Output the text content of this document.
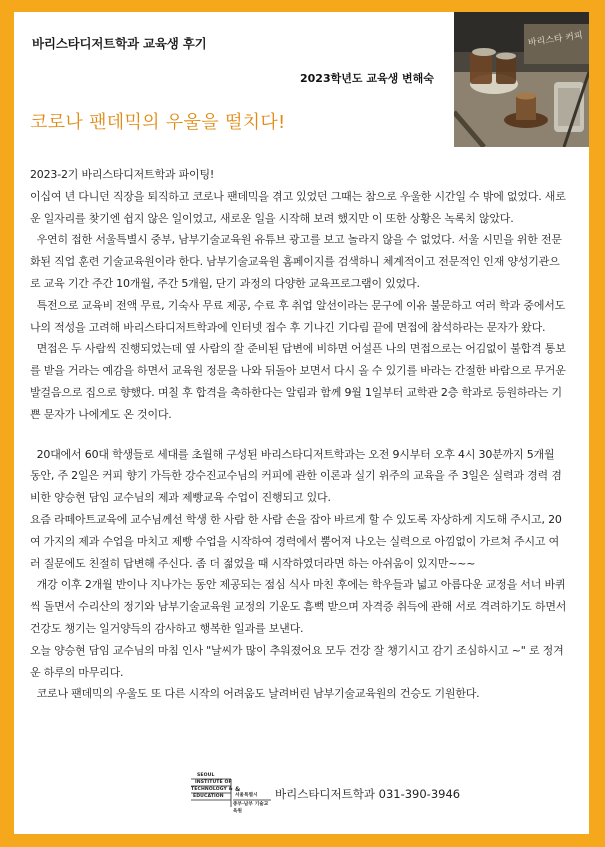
바리스타디저트학과 교육생 후기
2023학년도 교육생 변해숙
바리스타 커피
코로나 팬데믹의 우울을 떨치다!

2023-2기 바리스타디저트학과 파이팅!

이십여 년 다니던 직장을 퇴직하고 코로나 팬데믹을 겪고 있었던 그때는 참으로 우울한 시간일 수 밖에 없었다. 새로운 일자리를 찾기엔 쉽지 않은 일이었고, 새로운 일을 시작해 보려 했지만 이 또한 상황은 녹록치 않았다.

우연히 접한 서울특별시 중부, 남부기술교육원 유튜브 광고를 보고 놀라지 않을 수 없었다. 서울 시민을 위한 전문화된 직업 훈련 기술교육원이라 한다. 남부기술교육원 홈페이지를 검색하니 체계적이고 전문적인 인재 양성기관으로 교육 기간 주간 10개월, 주간 5개월, 단기 과정의 다양한 교육프로그램이 있었다.

특전으로 교육비 전액 무료, 기숙사 무료 제공, 수료 후 취업 알선이라는 문구에 이유 불문하고 여러 학과 중에서도 나의 적성을 고려해 바리스타디저트학과에 인터넷 접수 후 기나긴 기다림 끝에 면접에 참석하라는 문자가 왔다.

면접은 두 사람씩 진행되었는데 옆 사람의 잘 준비된 답변에 비하면 어설픈 나의 면접으로는 어김없이 불합격 통보를 받을 거라는 예감을 하면서 교육원 정문을 나와 뒤돌아 보면서 다시 올 수 있기를 바라는 간절한 바람으로 무거운 발걸음으로 집으로 향했다. 며칠 후 합격을 축하한다는 알림과 함께 9월 1일부터 교학관 2층 학과로 등원하라는 기쁜 문자가 나에게도 온 것이다.

20대에서 60대 학생들로 세대를 초월해 구성된 바리스타디저트학과는 오전 9시부터 오후 4시 30분까지 5개월 동안, 주 2일은 커피 향기 가득한 강수진교수님의 커피에 관한 이론과 실기 위주의 교육을 주 3일은 실력과 경력 겸비한 양승현 담임 교수님의 제과 제빵교육 수업이 진행되고 있다.

요즘 라떼아트교육에 교수님께선 학생 한 사람 한 사람 손을 잡아 바르게 할 수 있도록 자상하게 지도해 주시고, 20여 가지의 제과 수업을 마치고 제빵 수업을 시작하여 경력에서 뿜어져 나오는 실력으로 아낌없이 가르쳐 주시고 여러 질문에도 친절히 답변해 주신다. 좀 더 젊었을 때 시작하였더라면 하는 아쉬움이 있지만~~~

개강 이후 2개월 반이나 지나가는 동안 제공되는 점심 식사 마친 후에는 학우들과 넓고 아름다운 교정을 서너 바퀴씩 돌면서 수리산의 정기와 남부기술교육원 교정의 기운도 흠뻑 받으며 자격증 취득에 관해 서로 격려하기도 하면서 건강도 챙기는 일거양득의 감사하고 행복한 일과를 보낸다.

오늘 양승현 담임 교수님의 마침 인사 "날씨가 많이 추워졌어요 모두 건강 잘 챙기시고 감기 조심하시고 ~" 로 정겨운 하루의 마무리다.

코로나 팬데믹의 우울도 또 다른 시작의 어려움도 날려버린 남부기술교육원의 건승도 기원한다.

SEOUL
INSTITUTE OF
TECHNOLOGY &
EDUCATION
&
서울특별시
중부·남부 기술교육원
바리스타디저트학과 031-390-3946
